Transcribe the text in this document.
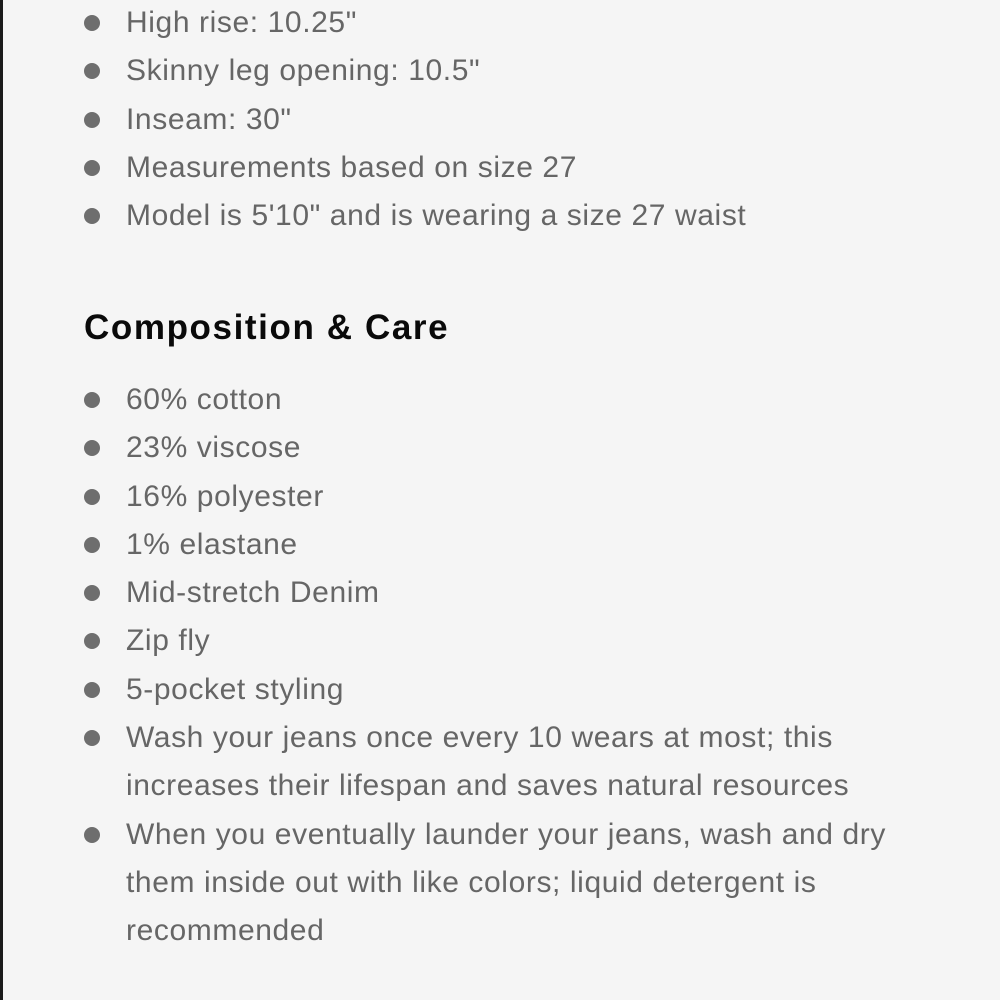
High rise: 10.25"
Skinny leg opening: 10.5"
Inseam: 30"
Measurements based on size 27
Model is 5'10" and is wearing a size 27 waist
Composition & Care
60% cotton
23% viscose
16% polyester
1% elastane
Mid-stretch Denim
Zip fly
5-pocket styling
Wash your jeans once every 10 wears at most; this increases their lifespan and saves natural resources
When you eventually launder your jeans, wash and dry them inside out with like colors; liquid detergent is recommended
